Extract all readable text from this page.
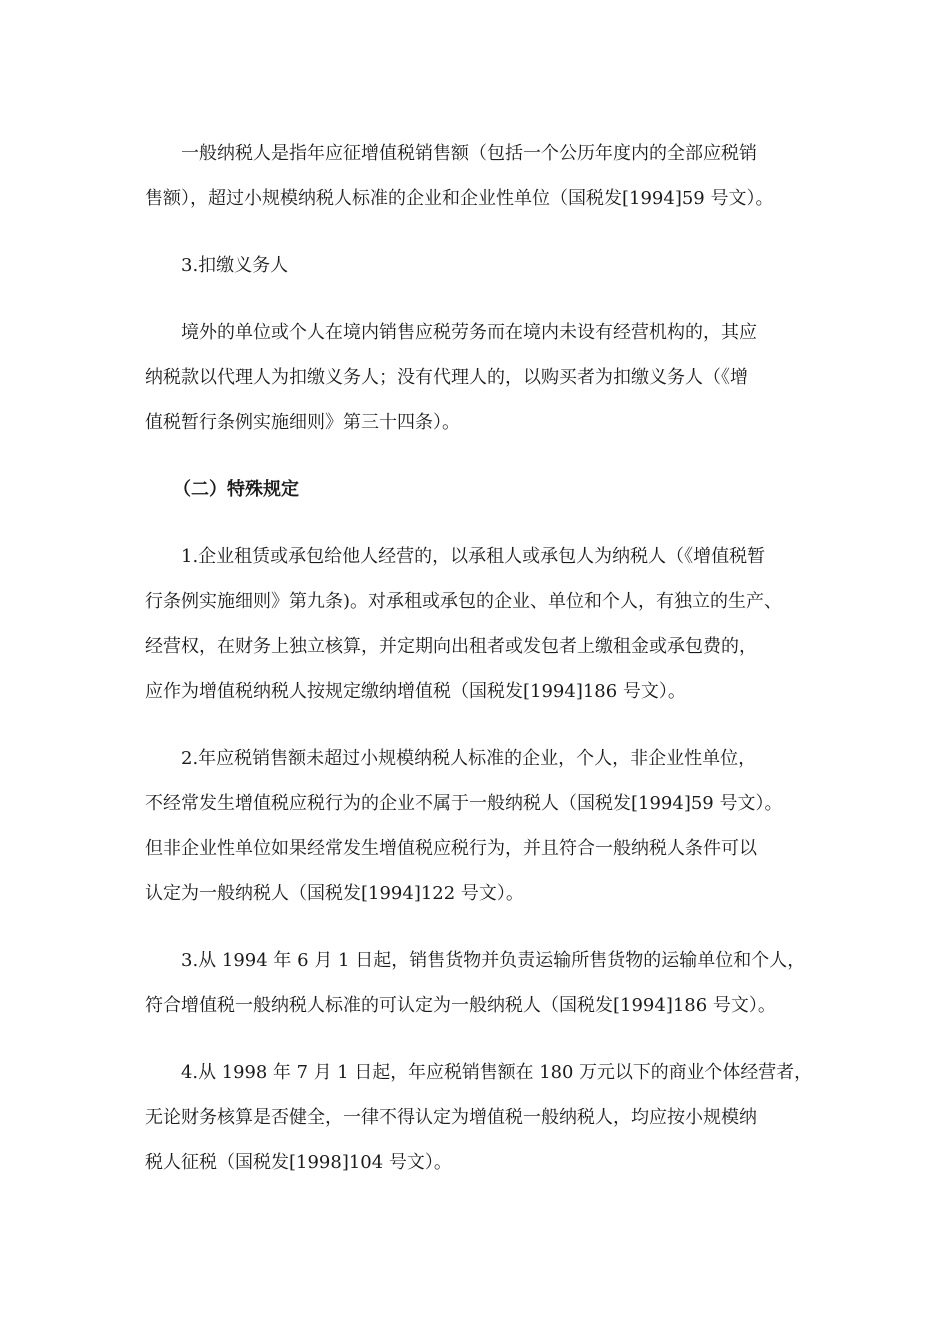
一般纳税人是指年应征增值税销售额（包括一个公历年度内的全部应税销
售额），超过小规模纳税人标准的企业和企业性单位（国税发[1994]59 号文）。
3.扣缴义务人
境外的单位或个人在境内销售应税劳务而在境内未设有经营机构的，其应
纳税款以代理人为扣缴义务人；没有代理人的，以购买者为扣缴义务人（《增
值税暂行条例实施细则》第三十四条）。
（二）特殊规定
1.企业租赁或承包给他人经营的，以承租人或承包人为纳税人（《增值税暂
行条例实施细则》第九条)。对承租或承包的企业、单位和个人，有独立的生产、
经营权，在财务上独立核算，并定期向出租者或发包者上缴租金或承包费的，
应作为增值税纳税人按规定缴纳增值税（国税发[1994]186 号文）。
2.年应税销售额未超过小规模纳税人标准的企业，个人，非企业性单位，
不经常发生增值税应税行为的企业不属于一般纳税人（国税发[1994]59 号文）。
但非企业性单位如果经常发生增值税应税行为，并且符合一般纳税人条件可以
认定为一般纳税人（国税发[1994]122 号文）。
3.从 1994 年 6 月 1 日起，销售货物并负责运输所售货物的运输单位和个人，
符合增值税一般纳税人标准的可认定为一般纳税人（国税发[1994]186 号文）。
4.从 1998 年 7 月 1 日起，年应税销售额在 180 万元以下的商业个体经营者，
无论财务核算是否健全，一律不得认定为增值税一般纳税人，均应按小规模纳
税人征税（国税发[1998]104 号文）。
